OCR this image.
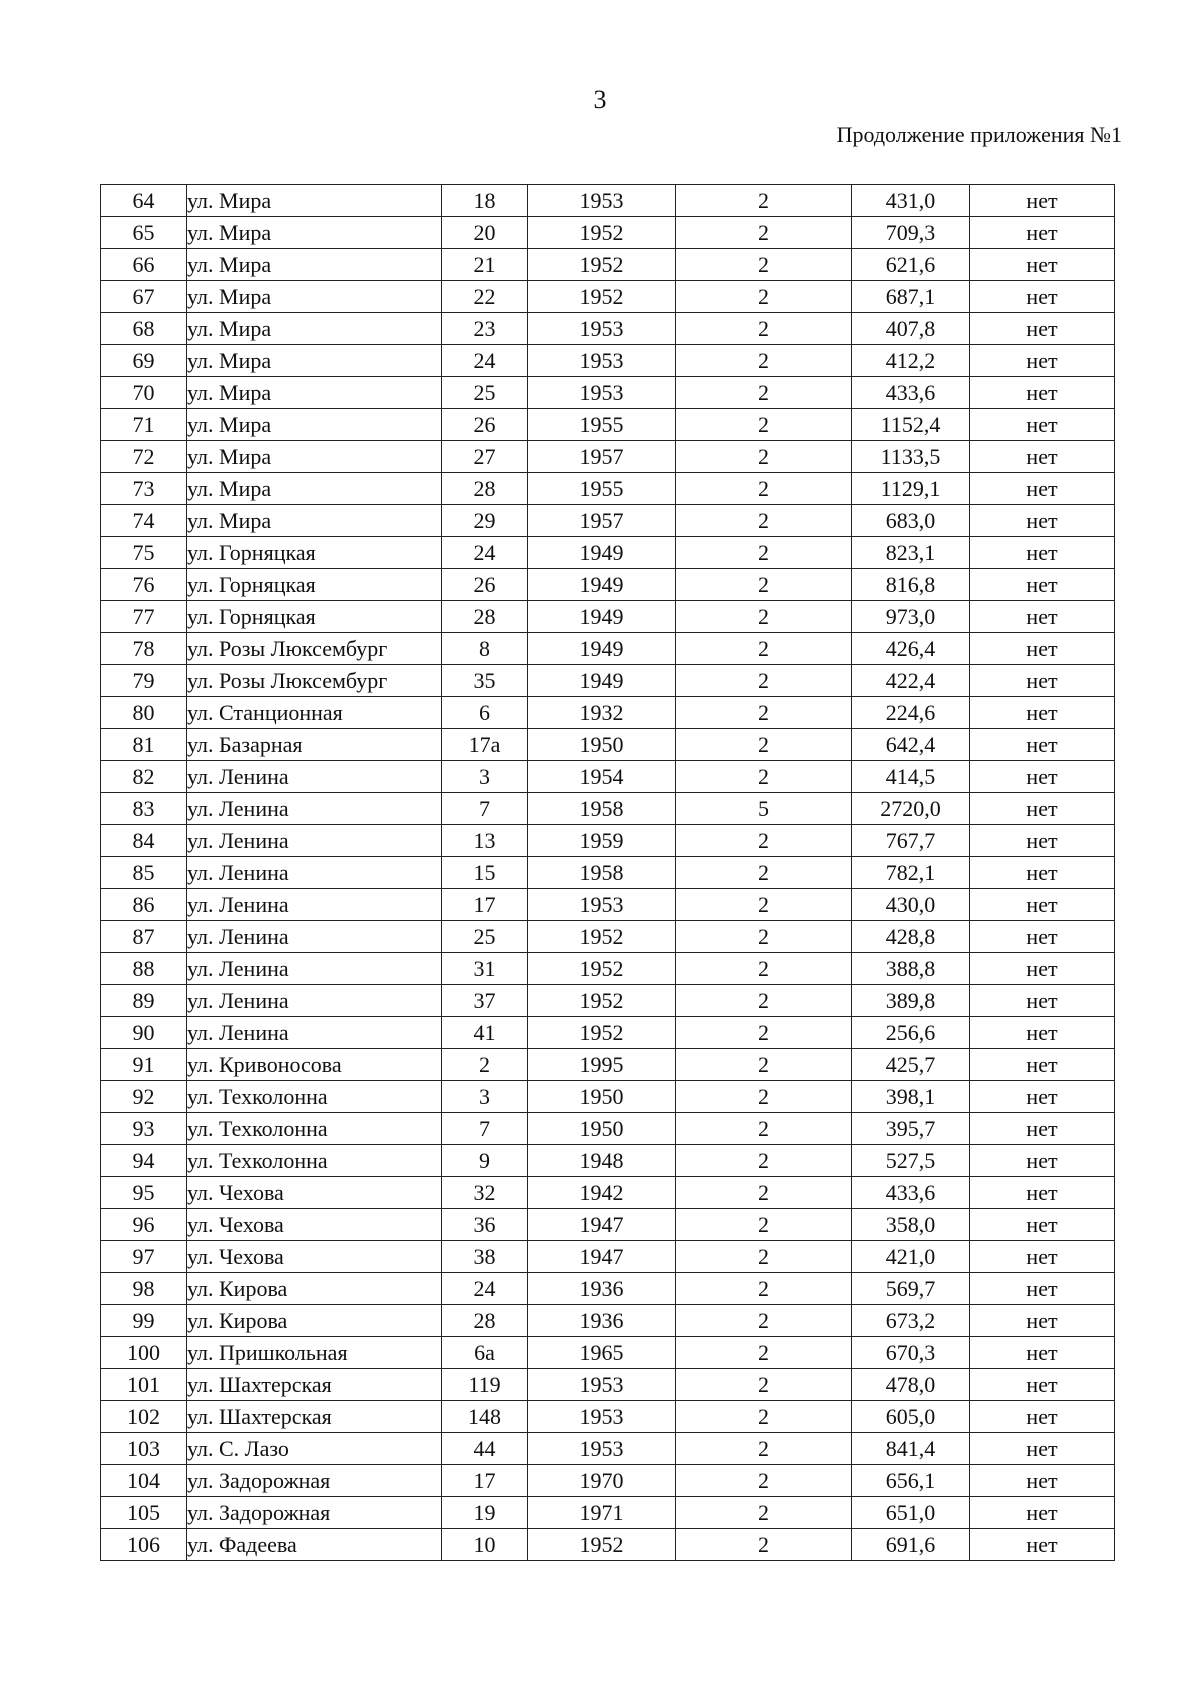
3
Продолжение приложения №1
64	ул. Мира	18	1953	2	431,0	нет
65	ул. Мира	20	1952	2	709,3	нет
66	ул. Мира	21	1952	2	621,6	нет
67	ул. Мира	22	1952	2	687,1	нет
68	ул. Мира	23	1953	2	407,8	нет
69	ул. Мира	24	1953	2	412,2	нет
70	ул. Мира	25	1953	2	433,6	нет
71	ул. Мира	26	1955	2	1152,4	нет
72	ул. Мира	27	1957	2	1133,5	нет
73	ул. Мира	28	1955	2	1129,1	нет
74	ул. Мира	29	1957	2	683,0	нет
75	ул. Горняцкая	24	1949	2	823,1	нет
76	ул. Горняцкая	26	1949	2	816,8	нет
77	ул. Горняцкая	28	1949	2	973,0	нет
78	ул. Розы Люксембург	8	1949	2	426,4	нет
79	ул. Розы Люксембург	35	1949	2	422,4	нет
80	ул. Станционная	6	1932	2	224,6	нет
81	ул. Базарная	17а	1950	2	642,4	нет
82	ул. Ленина	3	1954	2	414,5	нет
83	ул. Ленина	7	1958	5	2720,0	нет
84	ул. Ленина	13	1959	2	767,7	нет
85	ул. Ленина	15	1958	2	782,1	нет
86	ул. Ленина	17	1953	2	430,0	нет
87	ул. Ленина	25	1952	2	428,8	нет
88	ул. Ленина	31	1952	2	388,8	нет
89	ул. Ленина	37	1952	2	389,8	нет
90	ул. Ленина	41	1952	2	256,6	нет
91	ул. Кривоносова	2	1995	2	425,7	нет
92	ул. Техколонна	3	1950	2	398,1	нет
93	ул. Техколонна	7	1950	2	395,7	нет
94	ул. Техколонна	9	1948	2	527,5	нет
95	ул. Чехова	32	1942	2	433,6	нет
96	ул. Чехова	36	1947	2	358,0	нет
97	ул. Чехова	38	1947	2	421,0	нет
98	ул. Кирова	24	1936	2	569,7	нет
99	ул. Кирова	28	1936	2	673,2	нет
100	ул. Пришкольная	6а	1965	2	670,3	нет
101	ул. Шахтерская	119	1953	2	478,0	нет
102	ул. Шахтерская	148	1953	2	605,0	нет
103	ул. С. Лазо	44	1953	2	841,4	нет
104	ул. Задорожная	17	1970	2	656,1	нет
105	ул. Задорожная	19	1971	2	651,0	нет
106	ул. Фадеева	10	1952	2	691,6	нет
